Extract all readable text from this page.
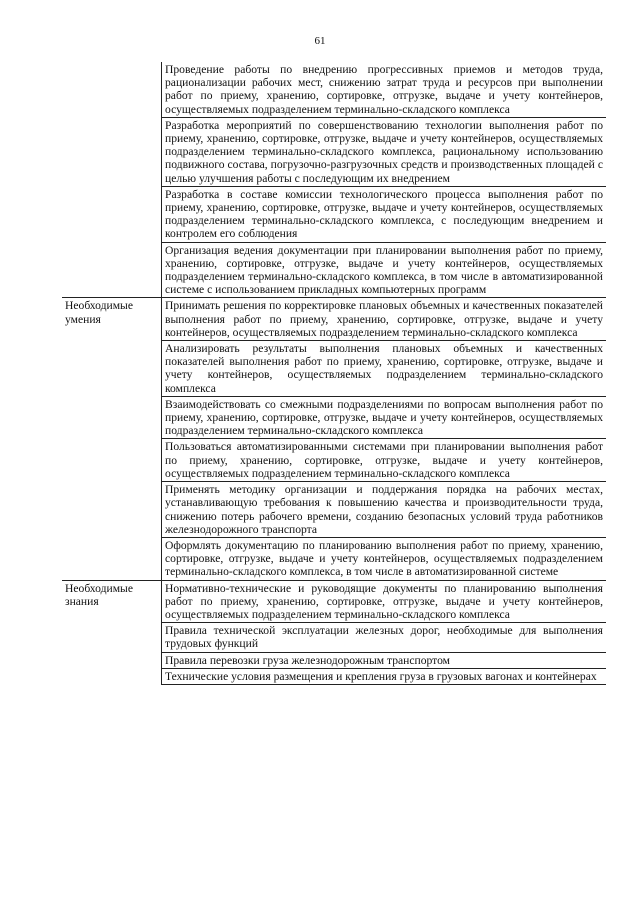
61
	Проведение работы по внедрению прогрессивных приемов и методов труда, рационализации рабочих мест, снижению затрат труда и ресурсов при выполнении работ по приему, хранению, сортировке, отгрузке, выдаче и учету контейнеров, осуществляемых подразделением терминально-складского комплекса
	Разработка мероприятий по совершенствованию технологии выполнения работ по приему, хранению, сортировке, отгрузке, выдаче и учету контейнеров, осуществляемых подразделением терминально-складского комплекса, рациональному использованию подвижного состава, погрузочно-разгрузочных средств и производственных площадей с целью улучшения работы с последующим их внедрением
	Разработка в составе комиссии технологического процесса выполнения работ по приему, хранению, сортировке, отгрузке, выдаче и учету контейнеров, осуществляемых подразделением терминально-складского комплекса, с последующим внедрением и контролем его соблюдения
	Организация ведения документации при планировании выполнения работ по приему, хранению, сортировке, отгрузке, выдаче и учету контейнеров, осуществляемых подразделением терминально-складского комплекса, в том числе в автоматизированной системе с использованием прикладных компьютерных программ
Необходимые умения	Принимать решения по корректировке плановых объемных и качественных показателей выполнения работ по приему, хранению, сортировке, отгрузке, выдаче и учету контейнеров, осуществляемых подразделением терминально-складского комплекса
	Анализировать результаты выполнения плановых объемных и качественных показателей выполнения работ по приему, хранению, сортировке, отгрузке, выдаче и учету контейнеров, осуществляемых подразделением терминально-складского комплекса
	Взаимодействовать со смежными подразделениями по вопросам выполнения работ по приему, хранению, сортировке, отгрузке, выдаче и учету контейнеров, осуществляемых подразделением терминально-складского комплекса
	Пользоваться автоматизированными системами при планировании выполнения работ по приему, хранению, сортировке, отгрузке, выдаче и учету контейнеров, осуществляемых подразделением терминально-складского комплекса
	Применять методику организации и поддержания порядка на рабочих местах, устанавливающую требования к повышению качества и производительности труда, снижению потерь рабочего времени, созданию безопасных условий труда работников железнодорожного транспорта
	Оформлять документацию по планированию выполнения работ по приему, хранению, сортировке, отгрузке, выдаче и учету контейнеров, осуществляемых подразделением терминально-складского комплекса, в том числе в автоматизированной системе
Необходимые знания	Нормативно-технические и руководящие документы по планированию выполнения работ по приему, хранению, сортировке, отгрузке, выдаче и учету контейнеров, осуществляемых подразделением терминально-складского комплекса
	Правила технической эксплуатации железных дорог, необходимые для выполнения трудовых функций
	Правила перевозки груза железнодорожным транспортом
	Технические условия размещения и крепления груза в грузовых вагонах и контейнерах
